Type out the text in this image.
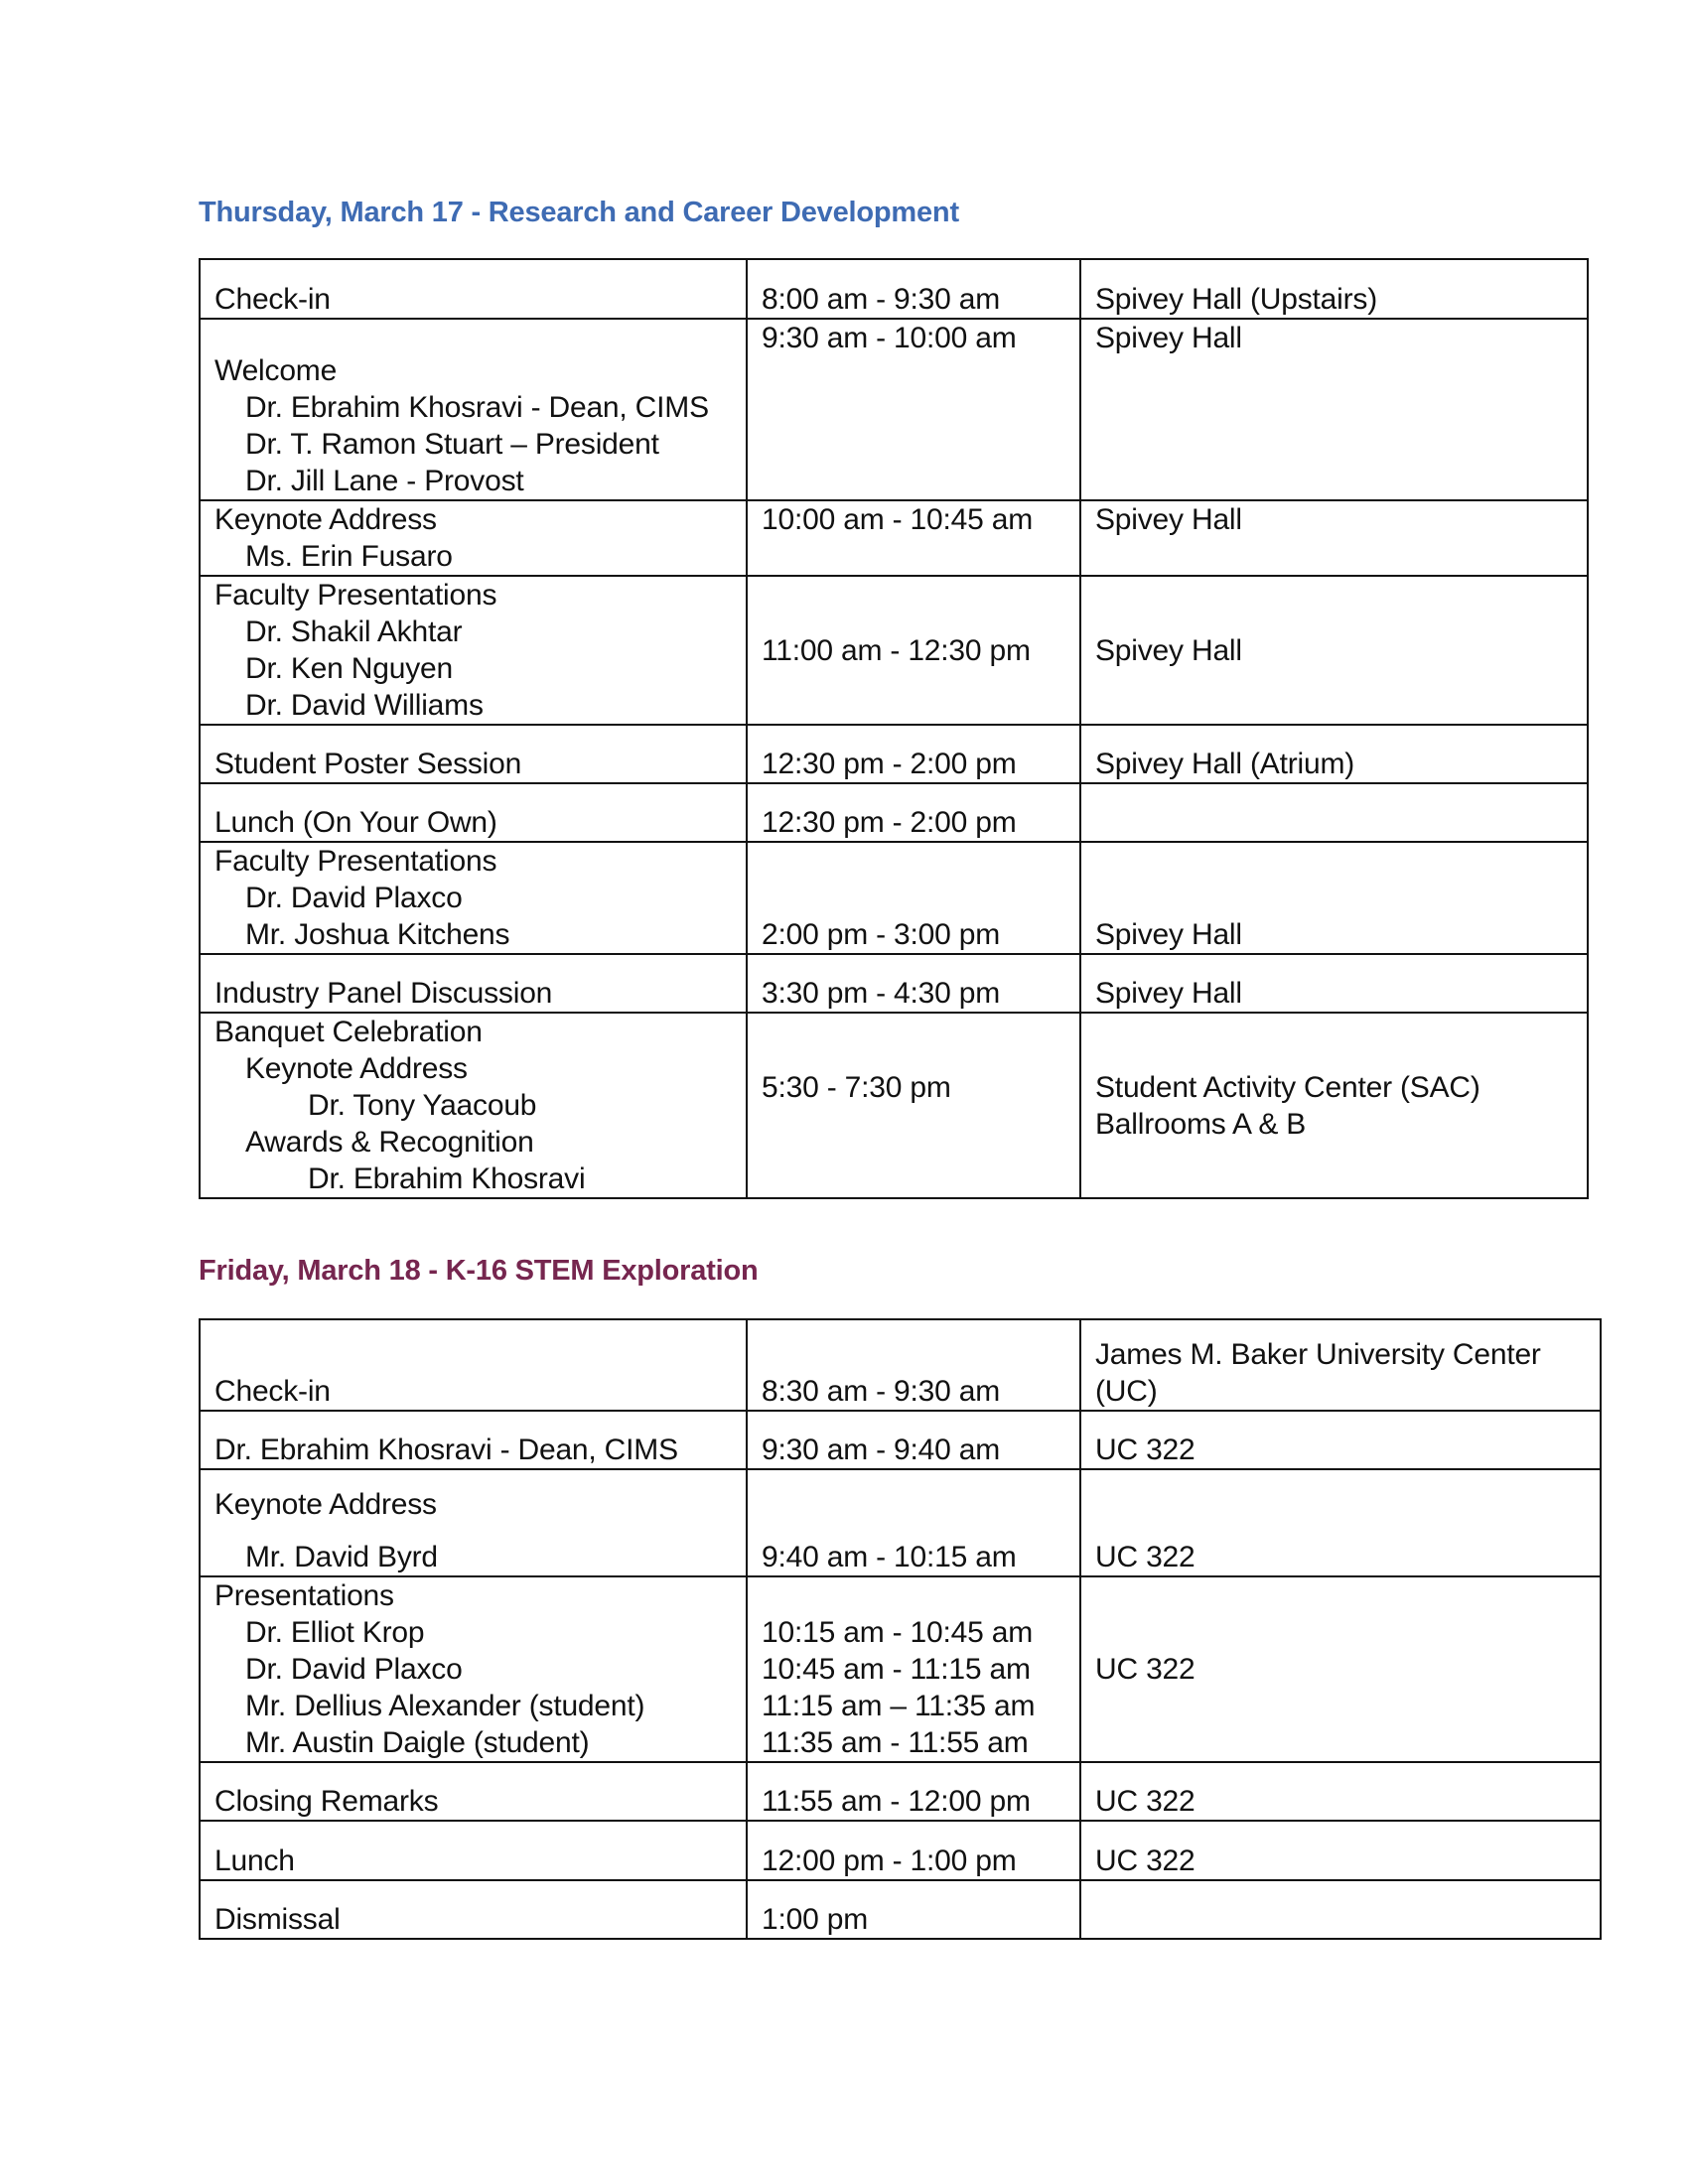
Thursday, March 17 - Research and Career Development
Check-in	8:00 am - 9:30 am	Spivey Hall (Upstairs)

Welcome
Dr. Ebrahim Khosravi - Dean, CIMS
Dr. T. Ramon Stuart – President
Dr. Jill Lane - Provost	9:30 am - 10:00 am	Spivey Hall

Keynote Address
Ms. Erin Fusaro	10:00 am - 10:45 am	Spivey Hall

Faculty Presentations
Dr. Shakil Akhtar
Dr. Ken Nguyen
Dr. David Williams	11:00 am - 12:30 pm	Spivey Hall

Student Poster Session	12:30 pm - 2:00 pm	Spivey Hall (Atrium)

Lunch (On Your Own)	12:30 pm - 2:00 pm	

Faculty Presentations
Dr. David Plaxco
Mr. Joshua Kitchens	2:00 pm - 3:00 pm	Spivey Hall

Industry Panel Discussion	3:30 pm - 4:30 pm	Spivey Hall

Banquet Celebration
Keynote Address
Dr. Tony Yaacoub
Awards & Recognition
Dr. Ebrahim Khosravi	5:30 - 7:30 pm	Student Activity Center (SAC)
Ballrooms A & B
Friday, March 18 - K-16 STEM Exploration
Check-in	8:30 am - 9:30 am	James M. Baker University Center
(UC)

Dr. Ebrahim Khosravi - Dean, CIMS	9:30 am - 9:40 am	UC 322

Keynote Address
Mr. David Byrd	9:40 am - 10:15 am	UC 322

Presentations
Dr. Elliot Krop
Dr. David Plaxco
Mr. Dellius Alexander (student)
Mr. Austin Daigle (student)	10:15 am - 10:45 am
10:45 am - 11:15 am
11:15 am – 11:35 am
11:35 am - 11:55 am	UC 322

Closing Remarks	11:55 am - 12:00 pm	UC 322

Lunch	12:00 pm - 1:00 pm	UC 322

Dismissal	1:00 pm	
